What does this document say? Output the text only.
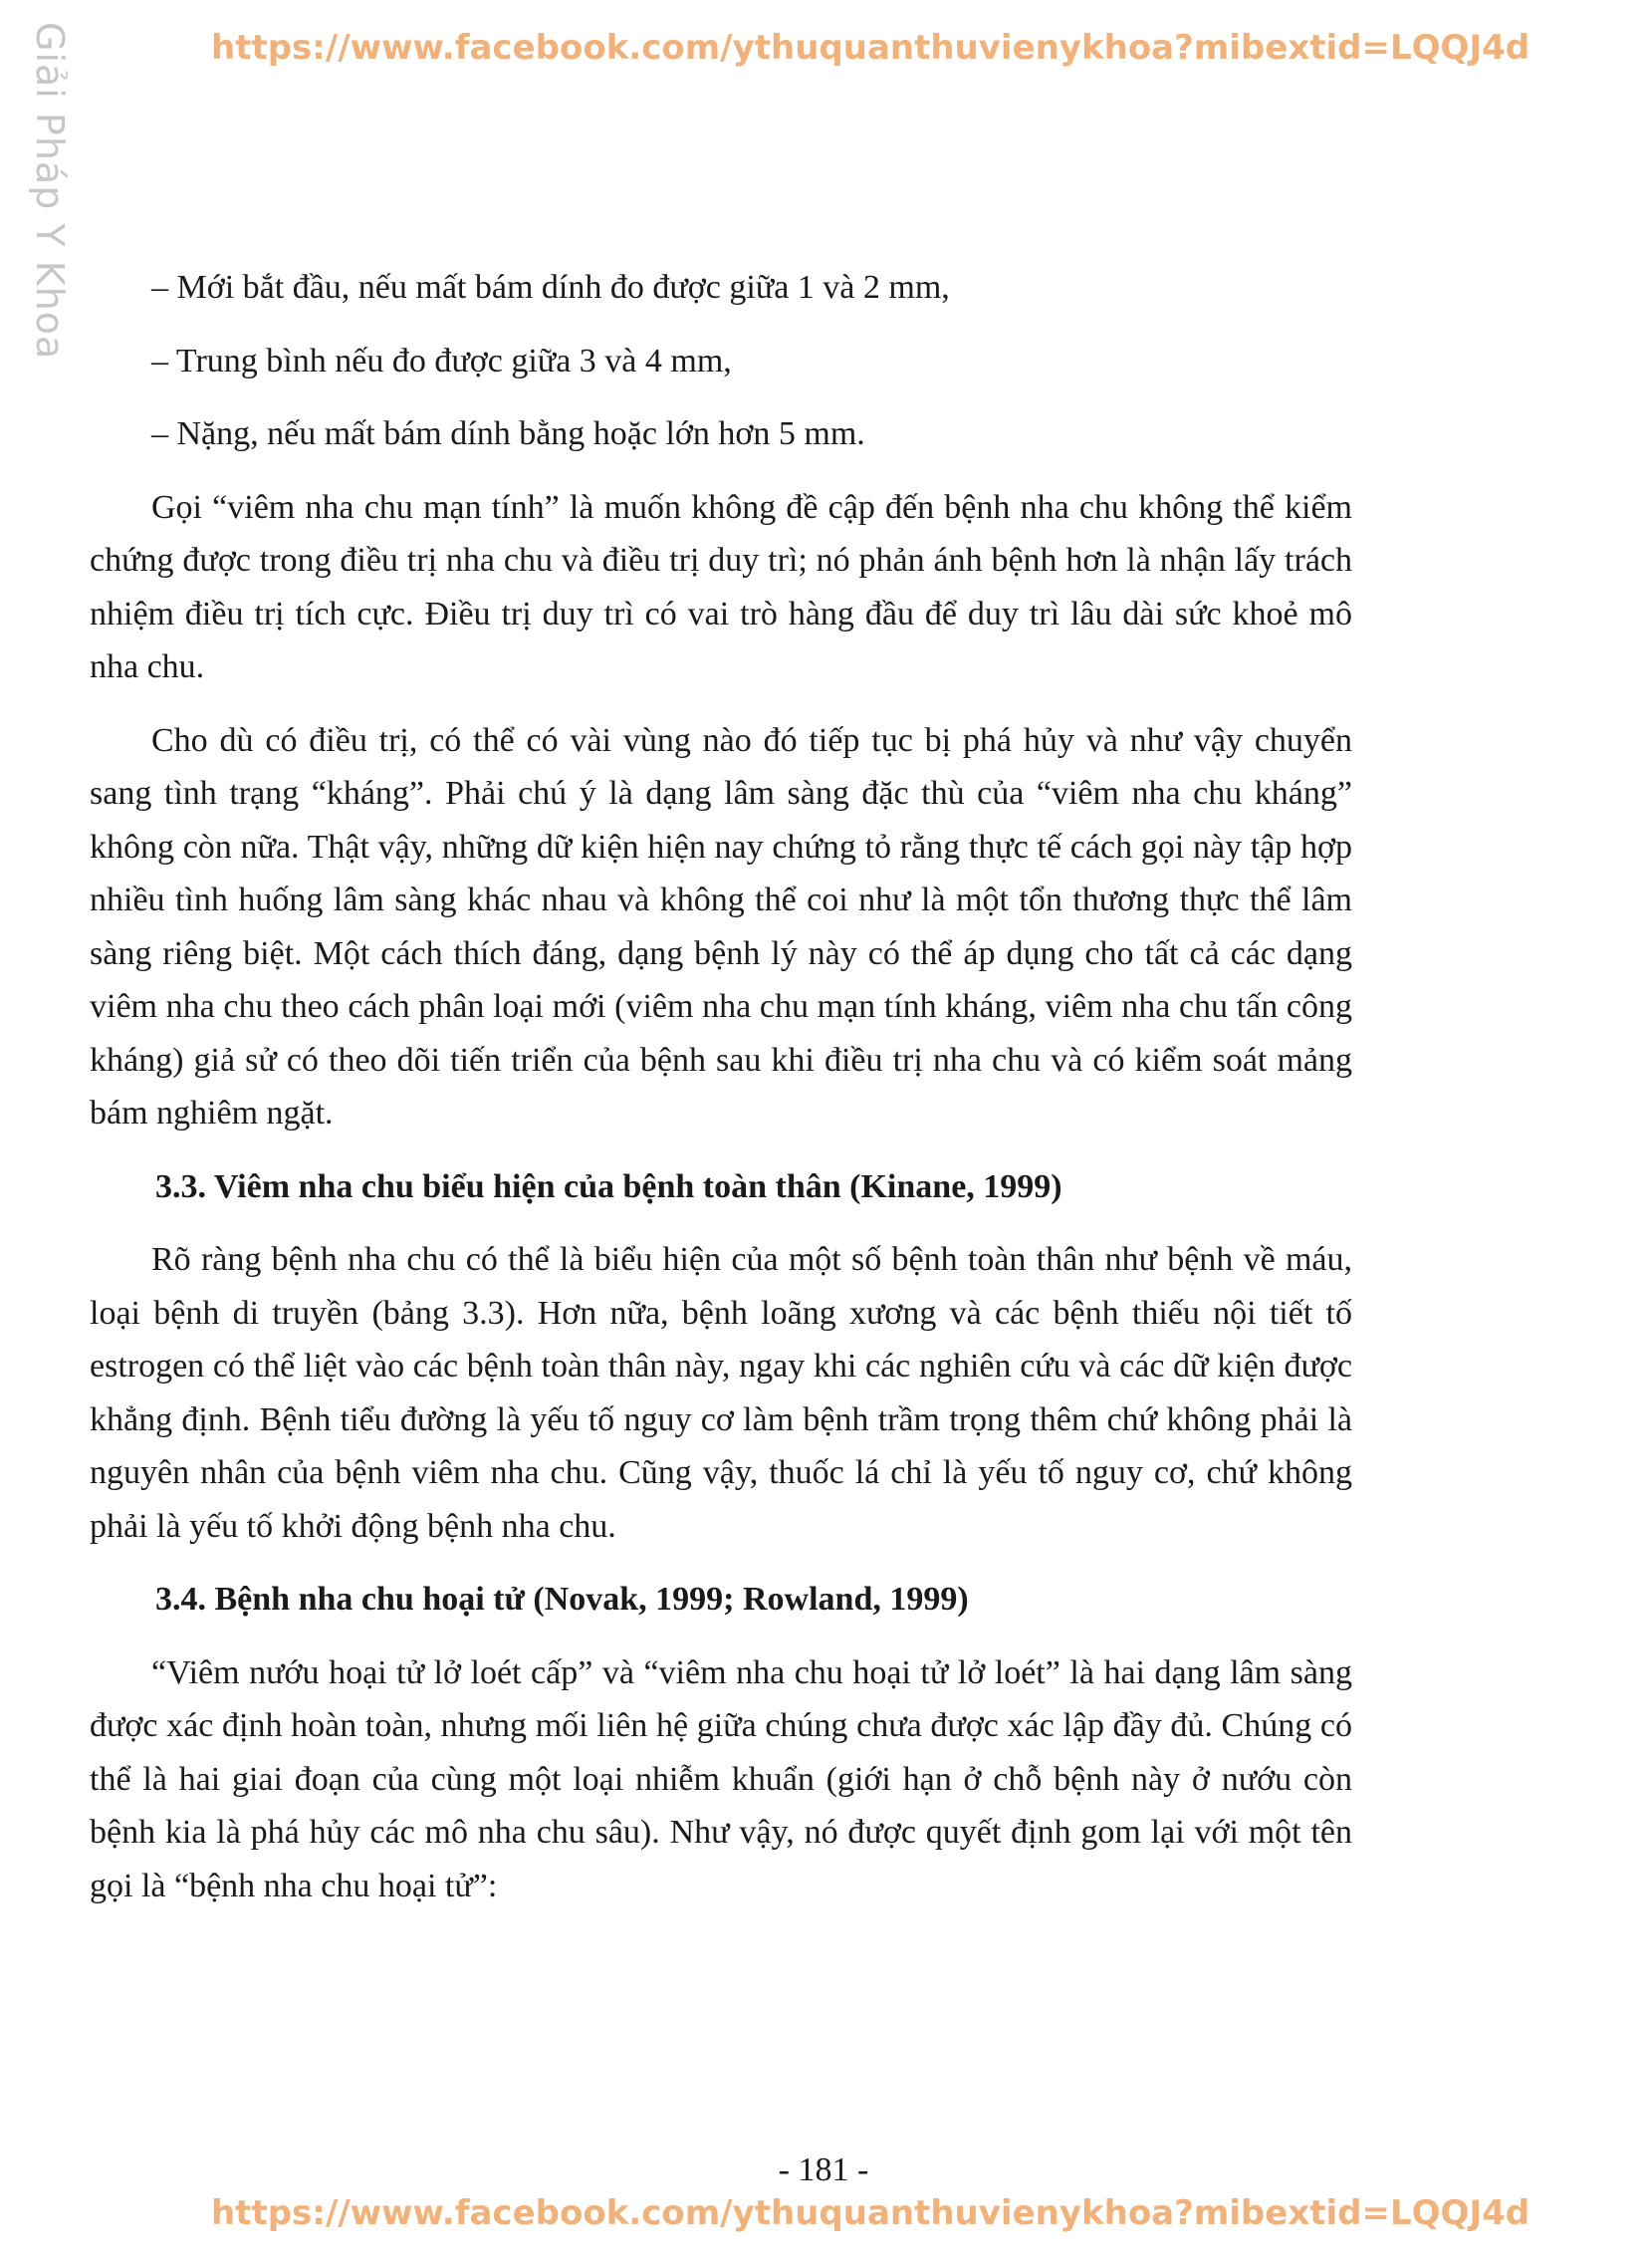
Giải Pháp Y Khoa	https://www.facebook.com/ythuquanthuvienykhoa?mibextid=LQQJ4d
– Mới bắt đầu, nếu mất bám dính đo được giữa 1 và 2 mm,
– Trung bình nếu đo được giữa 3 và 4 mm,
– Nặng, nếu mất bám dính bằng hoặc lớn hơn 5 mm.

Gọi “viêm nha chu mạn tính” là muốn không đề cập đến bệnh nha chu không thể kiểm chứng được trong điều trị nha chu và điều trị duy trì; nó phản ánh bệnh hơn là nhận lấy trách nhiệm điều trị tích cực. Điều trị duy trì có vai trò hàng đầu để duy trì lâu dài sức khoẻ mô nha chu.

Cho dù có điều trị, có thể có vài vùng nào đó tiếp tục bị phá hủy và như vậy chuyển sang tình trạng “kháng”. Phải chú ý là dạng lâm sàng đặc thù của “viêm nha chu kháng” không còn nữa. Thật vậy, những dữ kiện hiện nay chứng tỏ rằng thực tế cách gọi này tập hợp nhiều tình huống lâm sàng khác nhau và không thể coi như là một tổn thương thực thể lâm sàng riêng biệt. Một cách thích đáng, dạng bệnh lý này có thể áp dụng cho tất cả các dạng viêm nha chu theo cách phân loại mới (viêm nha chu mạn tính kháng, viêm nha chu tấn công kháng) giả sử có theo dõi tiến triển của bệnh sau khi điều trị nha chu và có kiểm soát mảng bám nghiêm ngặt.

3.3. Viêm nha chu biểu hiện của bệnh toàn thân (Kinane, 1999)

Rõ ràng bệnh nha chu có thể là biểu hiện của một số bệnh toàn thân như bệnh về máu, loại bệnh di truyền (bảng 3.3). Hơn nữa, bệnh loãng xương và các bệnh thiếu nội tiết tố estrogen có thể liệt vào các bệnh toàn thân này, ngay khi các nghiên cứu và các dữ kiện được khẳng định. Bệnh tiểu đường là yếu tố nguy cơ làm bệnh trầm trọng thêm chứ không phải là nguyên nhân của bệnh viêm nha chu. Cũng vậy, thuốc lá chỉ là yếu tố nguy cơ, chứ không phải là yếu tố khởi động bệnh nha chu.

3.4. Bệnh nha chu hoại tử (Novak, 1999; Rowland, 1999)

“Viêm nướu hoại tử lở loét cấp” và “viêm nha chu hoại tử lở loét” là hai dạng lâm sàng được xác định hoàn toàn, nhưng mối liên hệ giữa chúng chưa được xác lập đầy đủ. Chúng có thể là hai giai đoạn của cùng một loại nhiễm khuẩn (giới hạn ở chỗ bệnh này ở nướu còn bệnh kia là phá hủy các mô nha chu sâu). Như vậy, nó được quyết định gom lại với một tên gọi là “bệnh nha chu hoại tử”:

- 181 -
https://www.facebook.com/ythuquanthuvienykhoa?mibextid=LQQJ4d
